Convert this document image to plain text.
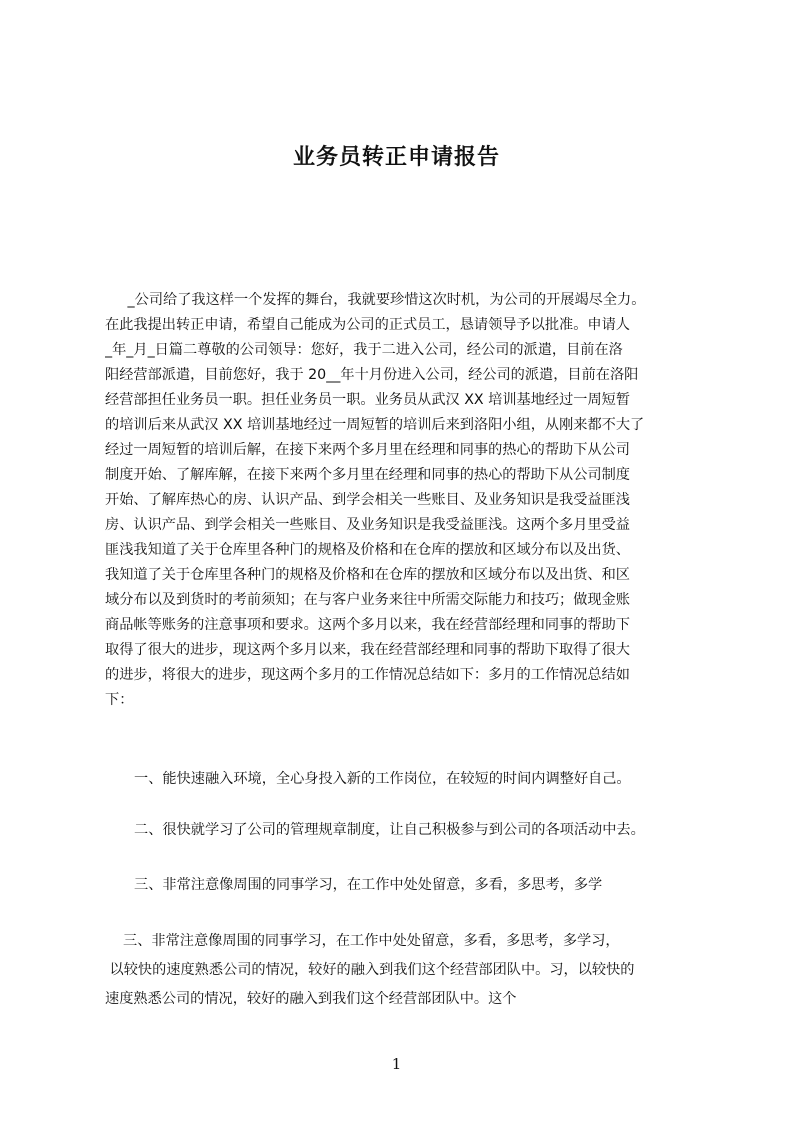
业务员转正申请报告
_公司给了我这样一个发挥的舞台，我就要珍惜这次时机，为公司的开展竭尽全力。
在此我提出转正申请，希望自己能成为公司的正式员工，恳请领导予以批准。申请人
_年_月_日篇二尊敬的公司领导：您好，我于二进入公司，经公司的派遣，目前在洛
阳经营部派遣，目前您好，我于 20__年十月份进入公司，经公司的派遣，目前在洛阳
经营部担任业务员一职。担任业务员一职。业务员从武汉 XX 培训基地经过一周短暂
的培训后来从武汉 XX 培训基地经过一周短暂的培训后来到洛阳小组，从刚来都不大了
经过一周短暂的培训后解，在接下来两个多月里在经理和同事的热心的帮助下从公司
制度开始、了解库解，在接下来两个多月里在经理和同事的热心的帮助下从公司制度
开始、了解库热心的房、认识产品、到学会相关一些账目、及业务知识是我受益匪浅
房、认识产品、到学会相关一些账目、及业务知识是我受益匪浅。这两个多月里受益
匪浅我知道了关于仓库里各种门的规格及价格和在仓库的摆放和区域分布以及出货、
我知道了关于仓库里各种门的规格及价格和在仓库的摆放和区域分布以及出货、和区
域分布以及到货时的考前须知；在与客户业务来往中所需交际能力和技巧；做现金账
商品帐等账务的注意事项和要求。这两个多月以来，我在经营部经理和同事的帮助下
取得了很大的进步，现这两个多月以来，我在经营部经理和同事的帮助下取得了很大
的进步，将很大的进步，现这两个多月的工作情况总结如下：多月的工作情况总结如
下：
一、能快速融入环境，全心身投入新的工作岗位，在较短的时间内调整好自己。
二、很快就学习了公司的管理规章制度，让自己积极参与到公司的各项活动中去。
三、非常注意像周围的同事学习，在工作中处处留意，多看，多思考，多学
三、非常注意像周围的同事学习，在工作中处处留意，多看，多思考，多学习，
以较快的速度熟悉公司的情况，较好的融入到我们这个经营部团队中。习，以较快的
速度熟悉公司的情况，较好的融入到我们这个经营部团队中。这个
1
